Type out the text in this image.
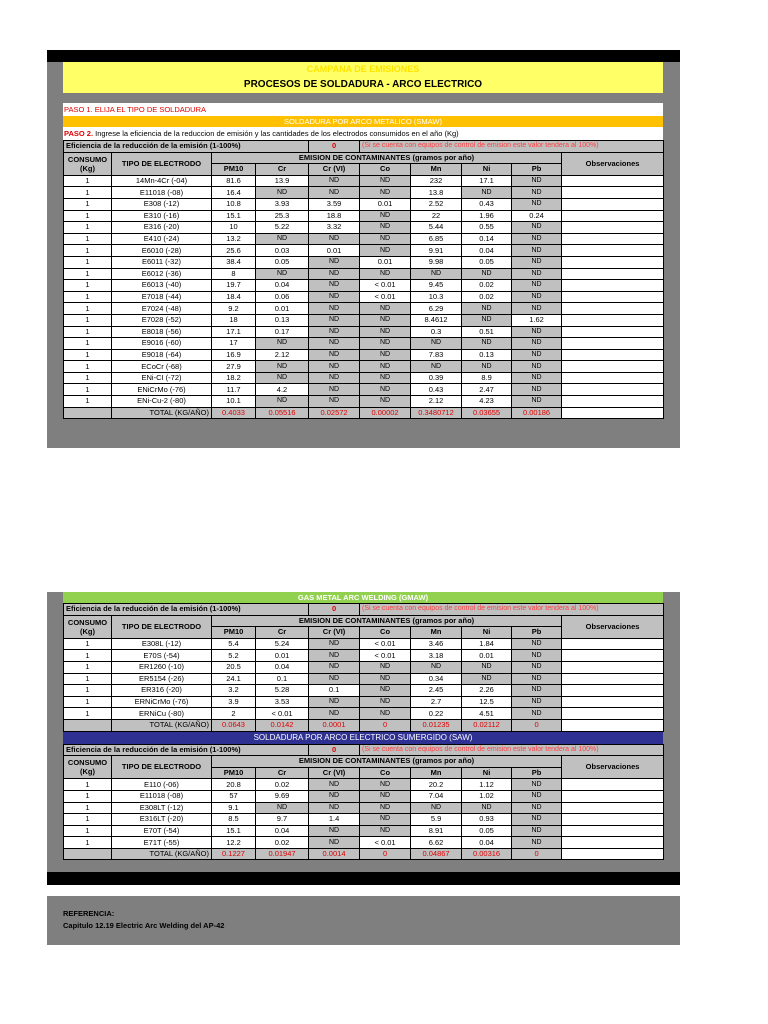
CAMPANA DE EMISIONES
PROCESOS DE SOLDADURA - ARCO ELECTRICO
PASO 1. ELIJA EL TIPO DE SOLDADURA
SOLDADURA POR ARCO METALICO (SMAW)
PASO 2. Ingrese la eficiencia de la reduccion de emisión y las cantidades de los electrodos consumidos en el año (Kg)
Eficiencia de la reducción de la emisión (1-100%)				0	(Si se cuenta con equipos de control de emision este valor tendera al 100%)				
CONSUMO (Kg)	TIPO DE ELECTRODO	EMISION DE CONTAMINANTES (gramos por año)							Observaciones
		PM10	Cr	Cr (VI)	Co	Mn	Ni	Pb	
1	14Mn-4Cr (-04)	81.6	13.9	ND	ND	232	17.1	ND	
1	E11018 (-08)	16.4	ND	ND	ND	13.8	ND	ND	
1	E308 (-12)	10.8	3.93	3.59	0.01	2.52	0.43	ND	
1	E310 (-16)	15.1	25.3	18.8	ND	22	1.96	0.24	
1	E316 (-20)	10	5.22	3.32	ND	5.44	0.55	ND	
1	E410 (-24)	13.2	ND	ND	ND	6.85	0.14	ND	
1	E6010 (-28)	25.6	0.03	0.01	ND	9.91	0.04	ND	
1	E6011 (-32)	38.4	0.05	ND	0.01	9.98	0.05	ND	
1	E6012 (-36)	8	ND	ND	ND	ND	ND	ND	
1	E6013 (-40)	19.7	0.04	ND	< 0.01	9.45	0.02	ND	
1	E7018 (-44)	18.4	0.06	ND	< 0.01	10.3	0.02	ND	
1	E7024 (-48)	9.2	0.01	ND	ND	6.29	ND	ND	
1	E7028 (-52)	18	0.13	ND	ND	8.4612	ND	1.62	
1	E8018 (-56)	17.1	0.17	ND	ND	0.3	0.51	ND	
1	E9016 (-60)	17	ND	ND	ND	ND	ND	ND	
1	E9018 (-64)	16.9	2.12	ND	ND	7.83	0.13	ND	
1	ECoCr (-68)	27.9	ND	ND	ND	ND	ND	ND	
1	ENi-CI (-72)	18.2	ND	ND	ND	0.39	8.9	ND	
1	ENiCrMo (-76)	11.7	4.2	ND	ND	0.43	2.47	ND	
1	ENi-Cu-2 (-80)	10.1	ND	ND	ND	2.12	4.23	ND	
	TOTAL (KG/AÑO)	0.4033	0.05516	0.02572	0.00002	0.3480712	0.03655	0.00186	
GAS METAL ARC WELDING (GMAW)
Eficiencia de la reducción de la emisión (1-100%)				0	(Si se cuenta con equipos de control de emision este valor tendera al 100%)				
CONSUMO (Kg)	TIPO DE ELECTRODO	EMISION DE CONTAMINANTES (gramos por año)							Observaciones
		PM10	Cr	Cr (VI)	Co	Mn	Ni	Pb	
1	E308L (-12)	5.4	5.24	ND	< 0.01	3.46	1.84	ND	
1	E70S (-54)	5.2	0.01	ND	< 0.01	3.18	0.01	ND	
1	ER1260 (-10)	20.5	0.04	ND	ND	ND	ND	ND	
1	ER5154 (-26)	24.1	0.1	ND	ND	0.34	ND	ND	
1	ER316 (-20)	3.2	5.28	0.1	ND	2.45	2.26	ND	
1	ERNiCrMo (-76)	3.9	3.53	ND	ND	2.7	12.5	ND	
1	ERNiCu (-80)	2	< 0.01	ND	ND	0.22	4.51	ND	
	TOTAL (KG/AÑO)	0.0643	0.0142	0.0001	0	0.01235	0.02112	0	
SOLDADURA POR ARCO ELECTRICO SUMERGIDO (SAW)
Eficiencia de la reducción de la emisión (1-100%)				0	(Si se cuenta con equipos de control de emision este valor tendera al 100%)				
CONSUMO (Kg)	TIPO DE ELECTRODO	EMISION DE CONTAMINANTES (gramos por año)							Observaciones
		PM10	Cr	Cr (VI)	Co	Mn	Ni	Pb	
1	E110 (-06)	20.8	0.02	ND	ND	20.2	1.12	ND	
1	E11018 (-08)	57	9.69	ND	ND	7.04	1.02	ND	
1	E308LT (-12)	9.1	ND	ND	ND	ND	ND	ND	
1	E316LT (-20)	8.5	9.7	1.4	ND	5.9	0.93	ND	
1	E70T (-54)	15.1	0.04	ND	ND	8.91	0.05	ND	
1	E71T (-55)	12.2	0.02	ND	< 0.01	6.62	0.04	ND	
	TOTAL (KG/AÑO)	0.1227	0.01947	0.0014	0	0.04867	0.00316	0	
REFERENCIA:
Capitulo 12.19 Electric Arc Welding del AP-42
